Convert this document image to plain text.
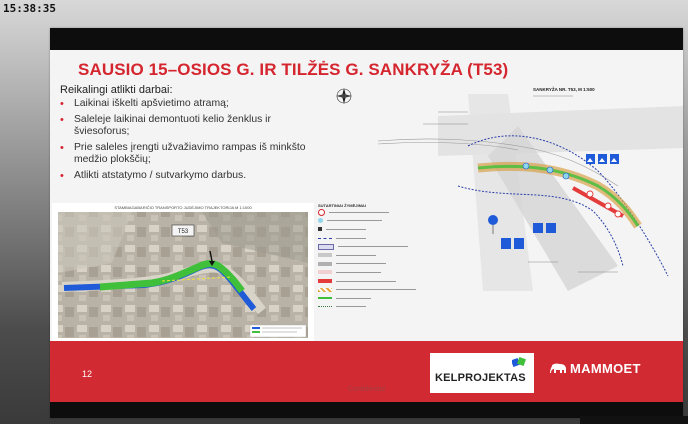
15:38:35
SAUSIO 15–OSIOS G. IR TILŽĖS G. SANKRYŽA (T53)
Reikalingi atlikti darbai:
• Laikinai iškelti apšvietimo atramą;
• Saleleje laikinai demontuoti kelio ženklus ir šviesoforus;
• Prie saleles įrengti užvažiavimo rampas iš minkšto medžio plokščių;
• Atlikti atstatymo / sutvarkymo darbus.
STAMBIAGABARIČIO TRANSPORTO JUDĖJIMO TRAJEKTORIJA M 1:1000
T53
SUTARTINIAI ŽYMĖJIMAI
SANKRYŽA NR. T53, M 1:500
12	KELPROJEKTAS
MAMMOET
Confidential
